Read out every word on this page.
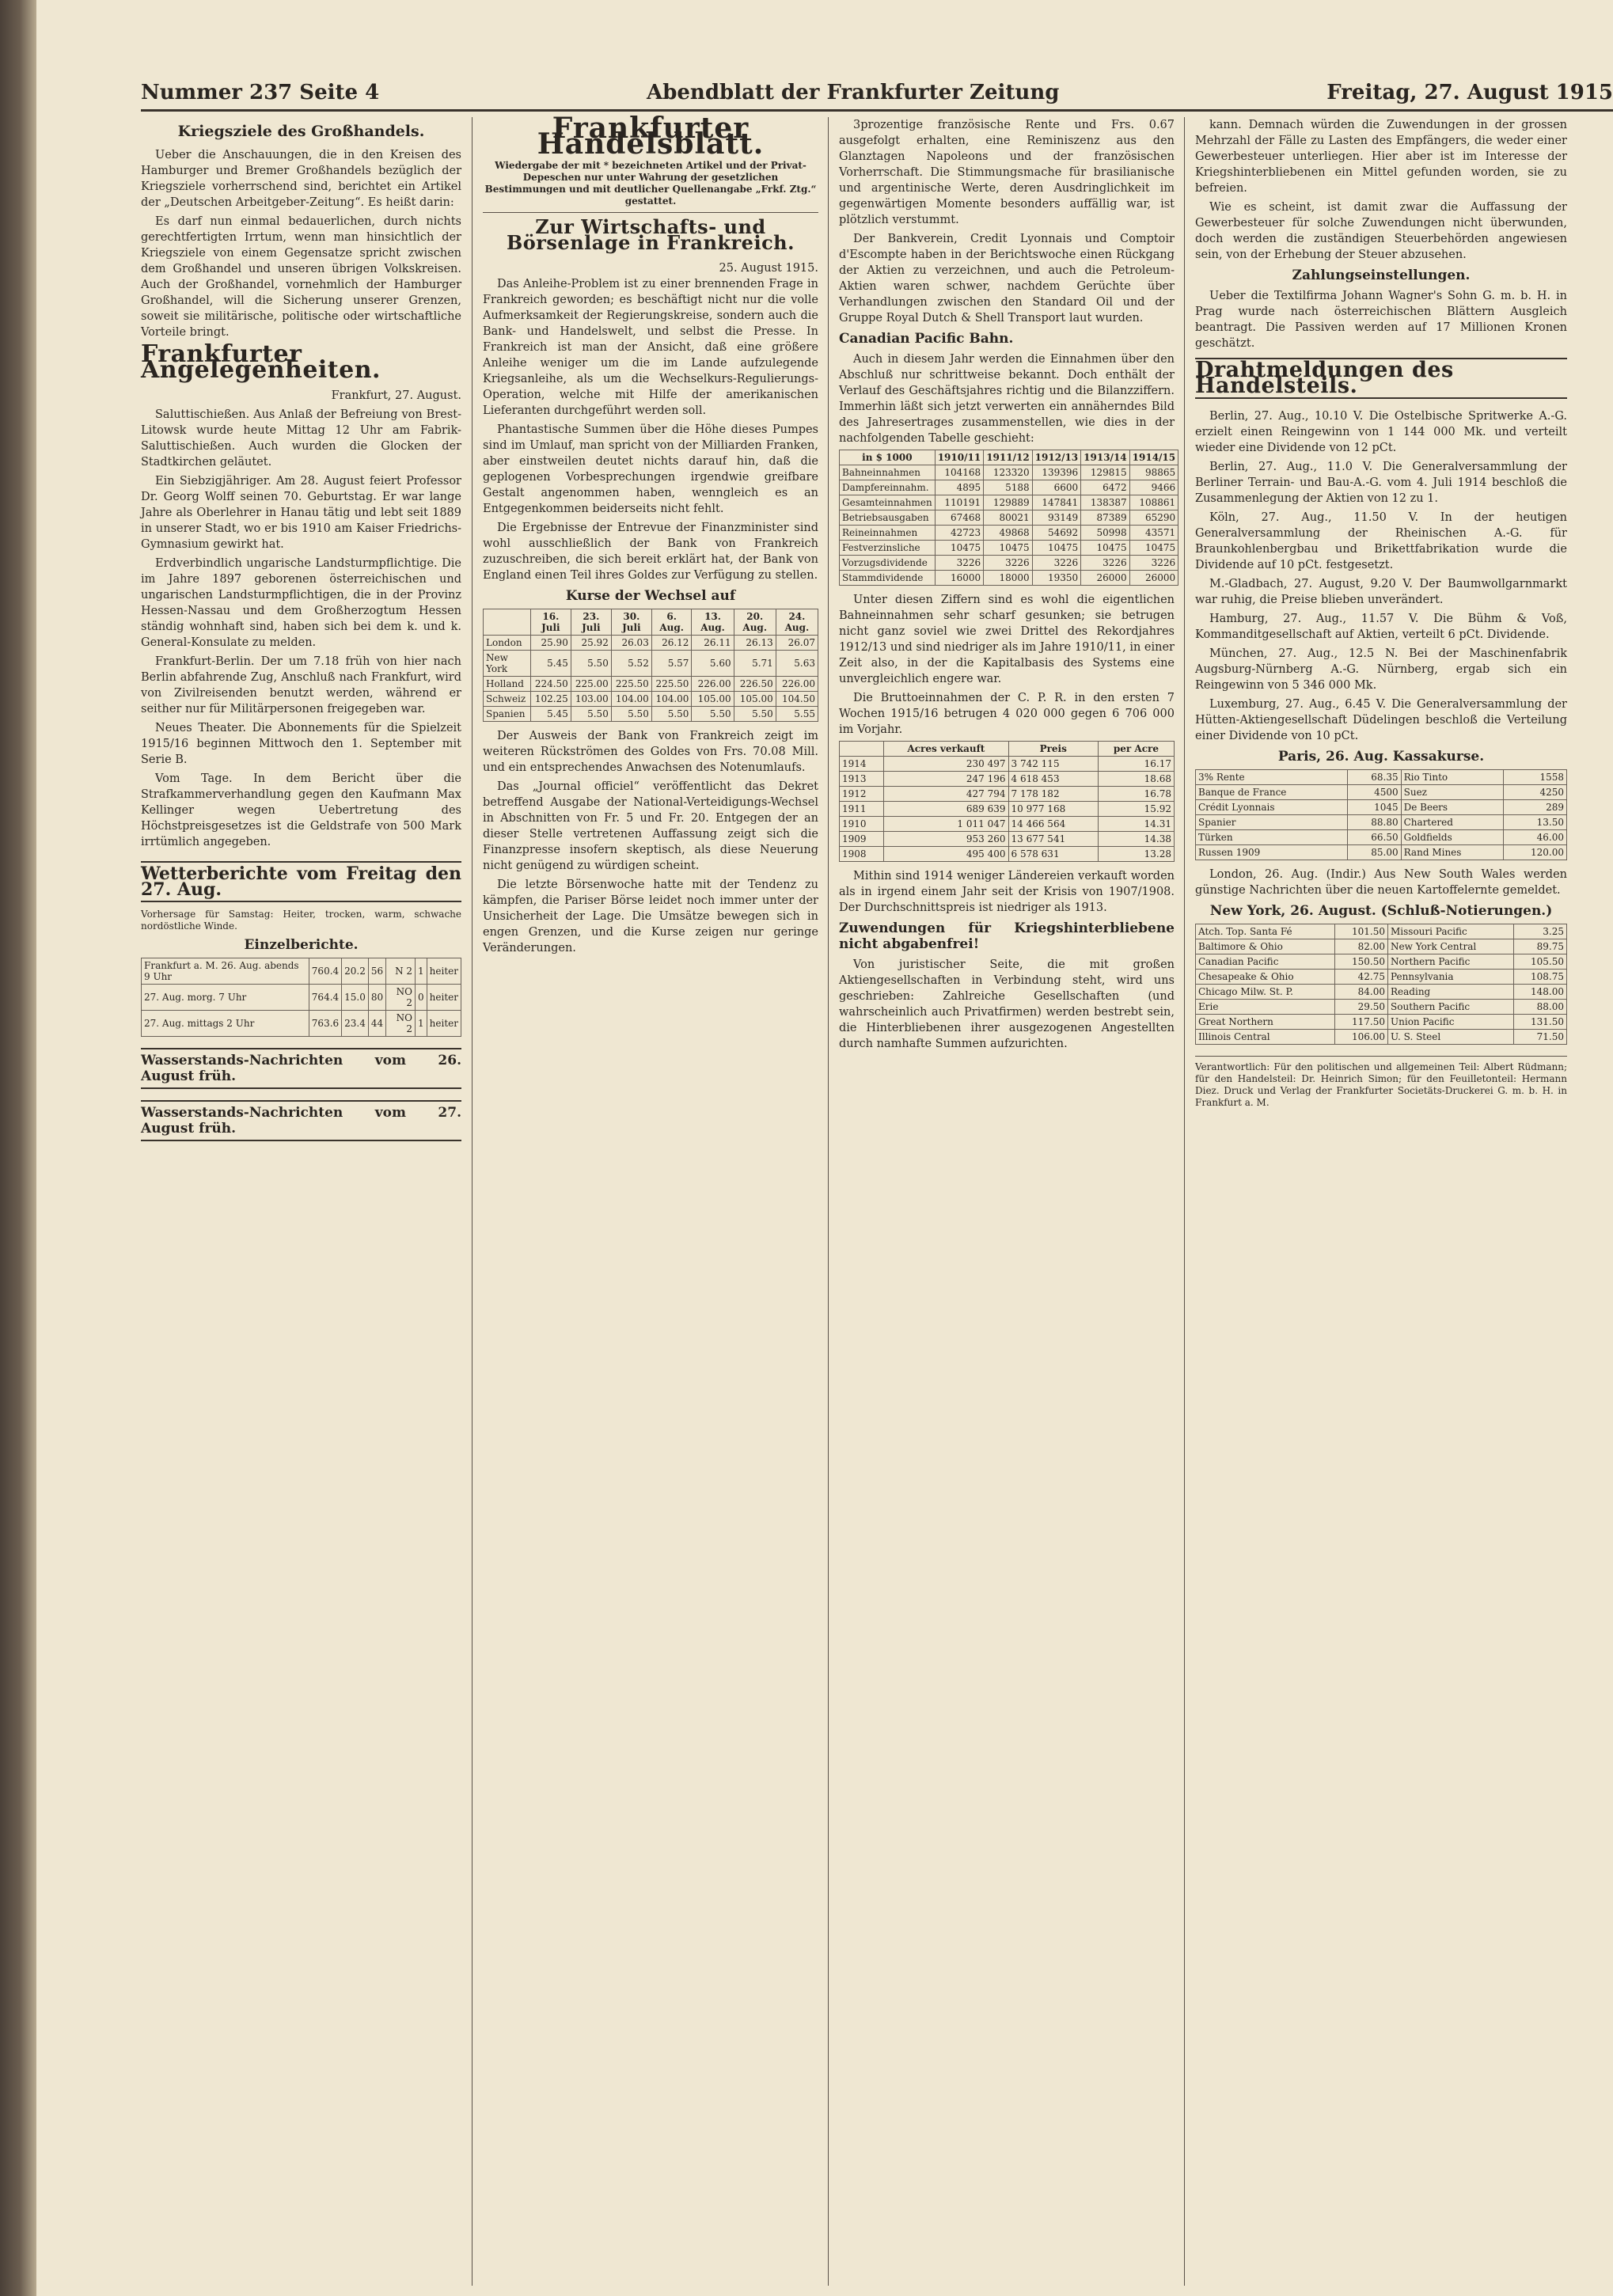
Nummer 237 Seite 4	Abendblatt der Frankfurter Zeitung	Freitag, 27. August 1915
Kriegsziele des Großhandels.

Ueber die Anschauungen, die in den Kreisen des Hamburger und Bremer Großhandels bezüglich der Kriegsziele vorherrschend sind, berichtet ein Artikel der „Deutschen Arbeitgeber-Zeitung“. Es heißt darin:

Es darf nun einmal bedauerlichen, durch nichts gerechtfertigten Irrtum, wenn man hinsichtlich der Kriegsziele von einem Gegensatze spricht zwischen dem Großhandel und unseren übrigen Volkskreisen. Auch der Großhandel, vornehmlich der Hamburger Großhandel, will die Sicherung unserer Grenzen, soweit sie militärische, politische oder wirtschaftliche Vorteile bringt.

Frankfurter Angelegenheiten.
Frankfurt, 27. August.

Saluttischießen. Aus Anlaß der Befreiung von Brest-Litowsk wurde heute Mittag 12 Uhr am Fabrik-Saluttischießen. Auch wurden die Glocken der Stadtkirchen geläutet.

Ein Siebzigjähriger. Am 28. August feiert Professor Dr. Georg Wolff seinen 70. Geburtstag. Er war lange Jahre als Oberlehrer in Hanau tätig und lebt seit 1889 in unserer Stadt, wo er bis 1910 am Kaiser Friedrichs-Gymnasium gewirkt hat.

Erdverbindlich ungarische Landsturmpflichtige. Die im Jahre 1897 geborenen österreichischen und ungarischen Landsturmpflichtigen, die in der Provinz Hessen-Nassau und dem Großherzogtum Hessen ständig wohnhaft sind, haben sich bei dem k. und k. General-Konsulate zu melden.

Frankfurt-Berlin. Der um 7.18 früh von hier nach Berlin abfahrende Zug, Anschluß nach Frankfurt, wird von Zivilreisenden benutzt werden, während er seither nur für Militärpersonen freigegeben war.

Neues Theater. Die Abonnements für die Spielzeit 1915/16 beginnen Mittwoch den 1. September mit Serie B.

Vom Tage. In dem Bericht über die Strafkammerverhandlung gegen den Kaufmann Max Kellinger wegen Uebertretung des Höchstpreisgesetzes ist die Geldstrafe von 500 Mark irrtümlich angegeben.

Wetterberichte vom Freitag den 27. Aug.
Vorhersage für Samstag: Heiter, trocken, warm, schwache nordöstliche Winde.
Einzelberichte.
Frankfurt a. M. 26. Aug. abends 9 Uhr	760.4	20.2	56	N 2	1	heiter
27. Aug. morg. 7 Uhr	764.4	15.0	80	NO 2	0	heiter
27. Aug. mittags 2 Uhr	763.6	23.4	44	NO 2	1	heiter
Wasserstands-Nachrichten vom 26. August früh.
Wasserstands-Nachrichten vom 27. August früh.
Frankfurter Handelsblatt.
Wiedergabe der mit * bezeichneten Artikel und der Privat-Depeschen nur unter Wahrung der gesetzlichen Bestimmungen und mit deutlicher Quellenangabe „Frkf. Ztg.“ gestattet.
Zur Wirtschafts- und Börsenlage in Frankreich.
25. August 1915.

Das Anleihe-Problem ist zu einer brennenden Frage in Frankreich geworden; es beschäftigt nicht nur die volle Aufmerksamkeit der Regierungskreise, sondern auch die Bank- und Handelswelt, und selbst die Presse. In Frankreich ist man der Ansicht, daß eine größere Anleihe weniger um die im Lande aufzulegende Kriegsanleihe, als um die Wechselkurs-Regulierungs-Operation, welche mit Hilfe der amerikanischen Lieferanten durchgeführt werden soll.

Phantastische Summen über die Höhe dieses Pumpes sind im Umlauf, man spricht von der Milliarden Franken, aber einstweilen deutet nichts darauf hin, daß die geplogenen Vorbesprechungen irgendwie greifbare Gestalt angenommen haben, wenngleich es an Entgegenkommen beiderseits nicht fehlt.

Die Ergebnisse der Entrevue der Finanzminister sind wohl ausschließlich der Bank von Frankreich zuzuschreiben, die sich bereit erklärt hat, der Bank von England einen Teil ihres Goldes zur Verfügung zu stellen.

Kurse der Wechsel auf
	16. Juli	23. Juli	30. Juli	6. Aug.	13. Aug.	20. Aug.	24. Aug.
London	25.90	25.92	26.03	26.12	26.11	26.13	26.07
New York	5.45	5.50	5.52	5.57	5.60	5.71	5.63
Holland	224.50	225.00	225.50	225.50	226.00	226.50	226.00
Schweiz	102.25	103.00	104.00	104.00	105.00	105.00	104.50
Spanien	5.45	5.50	5.50	5.50	5.50	5.50	5.55

Der Ausweis der Bank von Frankreich zeigt im weiteren Rückströmen des Goldes von Frs. 70.08 Mill. und ein entsprechendes Anwachsen des Notenumlaufs.

Das „Journal officiel“ veröffentlicht das Dekret betreffend Ausgabe der National-Verteidigungs-Wechsel in Abschnitten von Fr. 5 und Fr. 20. Entgegen der an dieser Stelle vertretenen Auffassung zeigt sich die Finanzpresse insofern skeptisch, als diese Neuerung nicht genügend zu würdigen scheint.

Die letzte Börsenwoche hatte mit der Tendenz zu kämpfen, die Pariser Börse leidet noch immer unter der Unsicherheit der Lage. Die Umsätze bewegen sich in engen Grenzen, und die Kurse zeigen nur geringe Veränderungen.

3prozentige französische Rente und Frs. 0.67 ausgefolgt erhalten, eine Reminiszenz aus den Glanztagen Napoleons und der französischen Vorherrschaft. Die Stimmungsmache für brasilianische und argentinische Werte, deren Ausdringlichkeit im gegenwärtigen Momente besonders auffällig war, ist plötzlich verstummt.

Der Bankverein, Credit Lyonnais und Comptoir d'Escompte haben in der Berichtswoche einen Rückgang der Aktien zu verzeichnen, und auch die Petroleum-Aktien waren schwer, nachdem Gerüchte über Verhandlungen zwischen den Standard Oil und der Gruppe Royal Dutch & Shell Transport laut wurden.

Canadian Pacific Bahn.

Auch in diesem Jahr werden die Einnahmen über den Abschluß nur schrittweise bekannt. Doch enthält der Verlauf des Geschäftsjahres richtig und die Bilanzziffern. Immerhin läßt sich jetzt verwerten ein annäherndes Bild des Jahresertrages zusammenstellen, wie dies in der nachfolgenden Tabelle geschieht:

in $ 1000	1910/11	1911/12	1912/13	1913/14	1914/15
Bahneinnahmen	104168	123320	139396	129815	98865
Dampfereinnahm.	4895	5188	6600	6472	9466
Gesamteinnahmen	110191	129889	147841	138387	108861
Betriebsausgaben	67468	80021	93149	87389	65290
Reineinnahmen	42723	49868	54692	50998	43571
Festverzinsliche	10475	10475	10475	10475	10475
Vorzugsdividende	3226	3226	3226	3226	3226
Stammdividende	16000	18000	19350	26000	26000

Unter diesen Ziffern sind es wohl die eigentlichen Bahneinnahmen sehr scharf gesunken; sie betrugen nicht ganz soviel wie zwei Drittel des Rekordjahres 1912/13 und sind niedriger als im Jahre 1910/11, in einer Zeit also, in der die Kapitalbasis des Systems eine unvergleichlich engere war.

Die Bruttoeinnahmen der C. P. R. in den ersten 7 Wochen 1915/16 betrugen 4 020 000 gegen 6 706 000 im Vorjahr.

	Acres verkauft	Preis	per Acre
1914	230 497	3 742 115	16.17
1913	247 196	4 618 453	18.68
1912	427 794	7 178 182	16.78
1911	689 639	10 977 168	15.92
1910	1 011 047	14 466 564	14.31
1909	953 260	13 677 541	14.38
1908	495 400	6 578 631	13.28

Mithin sind 1914 weniger Ländereien verkauft worden als in irgend einem Jahr seit der Krisis von 1907/1908. Der Durchschnittspreis ist niedriger als 1913.

Zuwendungen für Kriegshinterbliebene nicht abgabenfrei!

Von juristischer Seite, die mit großen Aktiengesellschaften in Verbindung steht, wird uns geschrieben: Zahlreiche Gesellschaften (und wahrscheinlich auch Privatfirmen) werden bestrebt sein, die Hinterbliebenen ihrer ausgezogenen Angestellten durch namhafte Summen aufzurichten.

kann. Demnach würden die Zuwendungen in der grossen Mehrzahl der Fälle zu Lasten des Empfängers, die weder einer Gewerbesteuer unterliegen. Hier aber ist im Interesse der Kriegshinterbliebenen ein Mittel gefunden worden, sie zu befreien.

Wie es scheint, ist damit zwar die Auffassung der Gewerbesteuer für solche Zuwendungen nicht überwunden, doch werden die zuständigen Steuerbehörden angewiesen sein, von der Erhebung der Steuer abzusehen.

Zahlungseinstellungen.

Ueber die Textilfirma Johann Wagner's Sohn G. m. b. H. in Prag wurde nach österreichischen Blättern Ausgleich beantragt. Die Passiven werden auf 17 Millionen Kronen geschätzt.

Drahtmeldungen des Handelsteils.

Berlin, 27. Aug., 10.10 V. Die Ostelbische Spritwerke A.-G. erzielt einen Reingewinn von 1 144 000 Mk. und verteilt wieder eine Dividende von 12 pCt.

Berlin, 27. Aug., 11.0 V. Die Generalversammlung der Berliner Terrain- und Bau-A.-G. vom 4. Juli 1914 beschloß die Zusammenlegung der Aktien von 12 zu 1.

Köln, 27. Aug., 11.50 V. In der heutigen Generalversammlung der Rheinischen A.-G. für Braunkohlenbergbau und Brikettfabrikation wurde die Dividende auf 10 pCt. festgesetzt.

M.-Gladbach, 27. August, 9.20 V. Der Baumwollgarnmarkt war ruhig, die Preise blieben unverändert.

Hamburg, 27. Aug., 11.57 V. Die Bühm & Voß, Kommanditgesellschaft auf Aktien, verteilt 6 pCt. Dividende.

München, 27. Aug., 12.5 N. Bei der Maschinenfabrik Augsburg-Nürnberg A.-G. Nürnberg, ergab sich ein Reingewinn von 5 346 000 Mk.

Luxemburg, 27. Aug., 6.45 V. Die Generalversammlung der Hütten-Aktiengesellschaft Düdelingen beschloß die Verteilung einer Dividende von 10 pCt.

Paris, 26. Aug. Kassakurse.
3% Rente	68.35	Rio Tinto	1558
Banque de France	4500	Suez	4250
Crédit Lyonnais	1045	De Beers	289
Spanier	88.80	Chartered	13.50
Türken	66.50	Goldfields	46.00
Russen 1909	85.00	Rand Mines	120.00

London, 26. Aug. (Indir.) Aus New South Wales werden günstige Nachrichten über die neuen Kartoffelernte gemeldet.

New York, 26. August. (Schluß-Notierungen.)
Atch. Top. Santa Fé	101.50	Missouri Pacific	3.25
Baltimore & Ohio	82.00	New York Central	89.75
Canadian Pacific	150.50	Northern Pacific	105.50
Chesapeake & Ohio	42.75	Pennsylvania	108.75
Chicago Milw. St. P.	84.00	Reading	148.00
Erie	29.50	Southern Pacific	88.00
Great Northern	117.50	Union Pacific	131.50
Illinois Central	106.00	U. S. Steel	71.50
Verantwortlich: Für den politischen und allgemeinen Teil: Albert Rüdmann; für den Handelsteil: Dr. Heinrich Simon; für den Feuilletonteil: Hermann Diez. Druck und Verlag der Frankfurter Societäts-Druckerei G. m. b. H. in Frankfurt a. M.
